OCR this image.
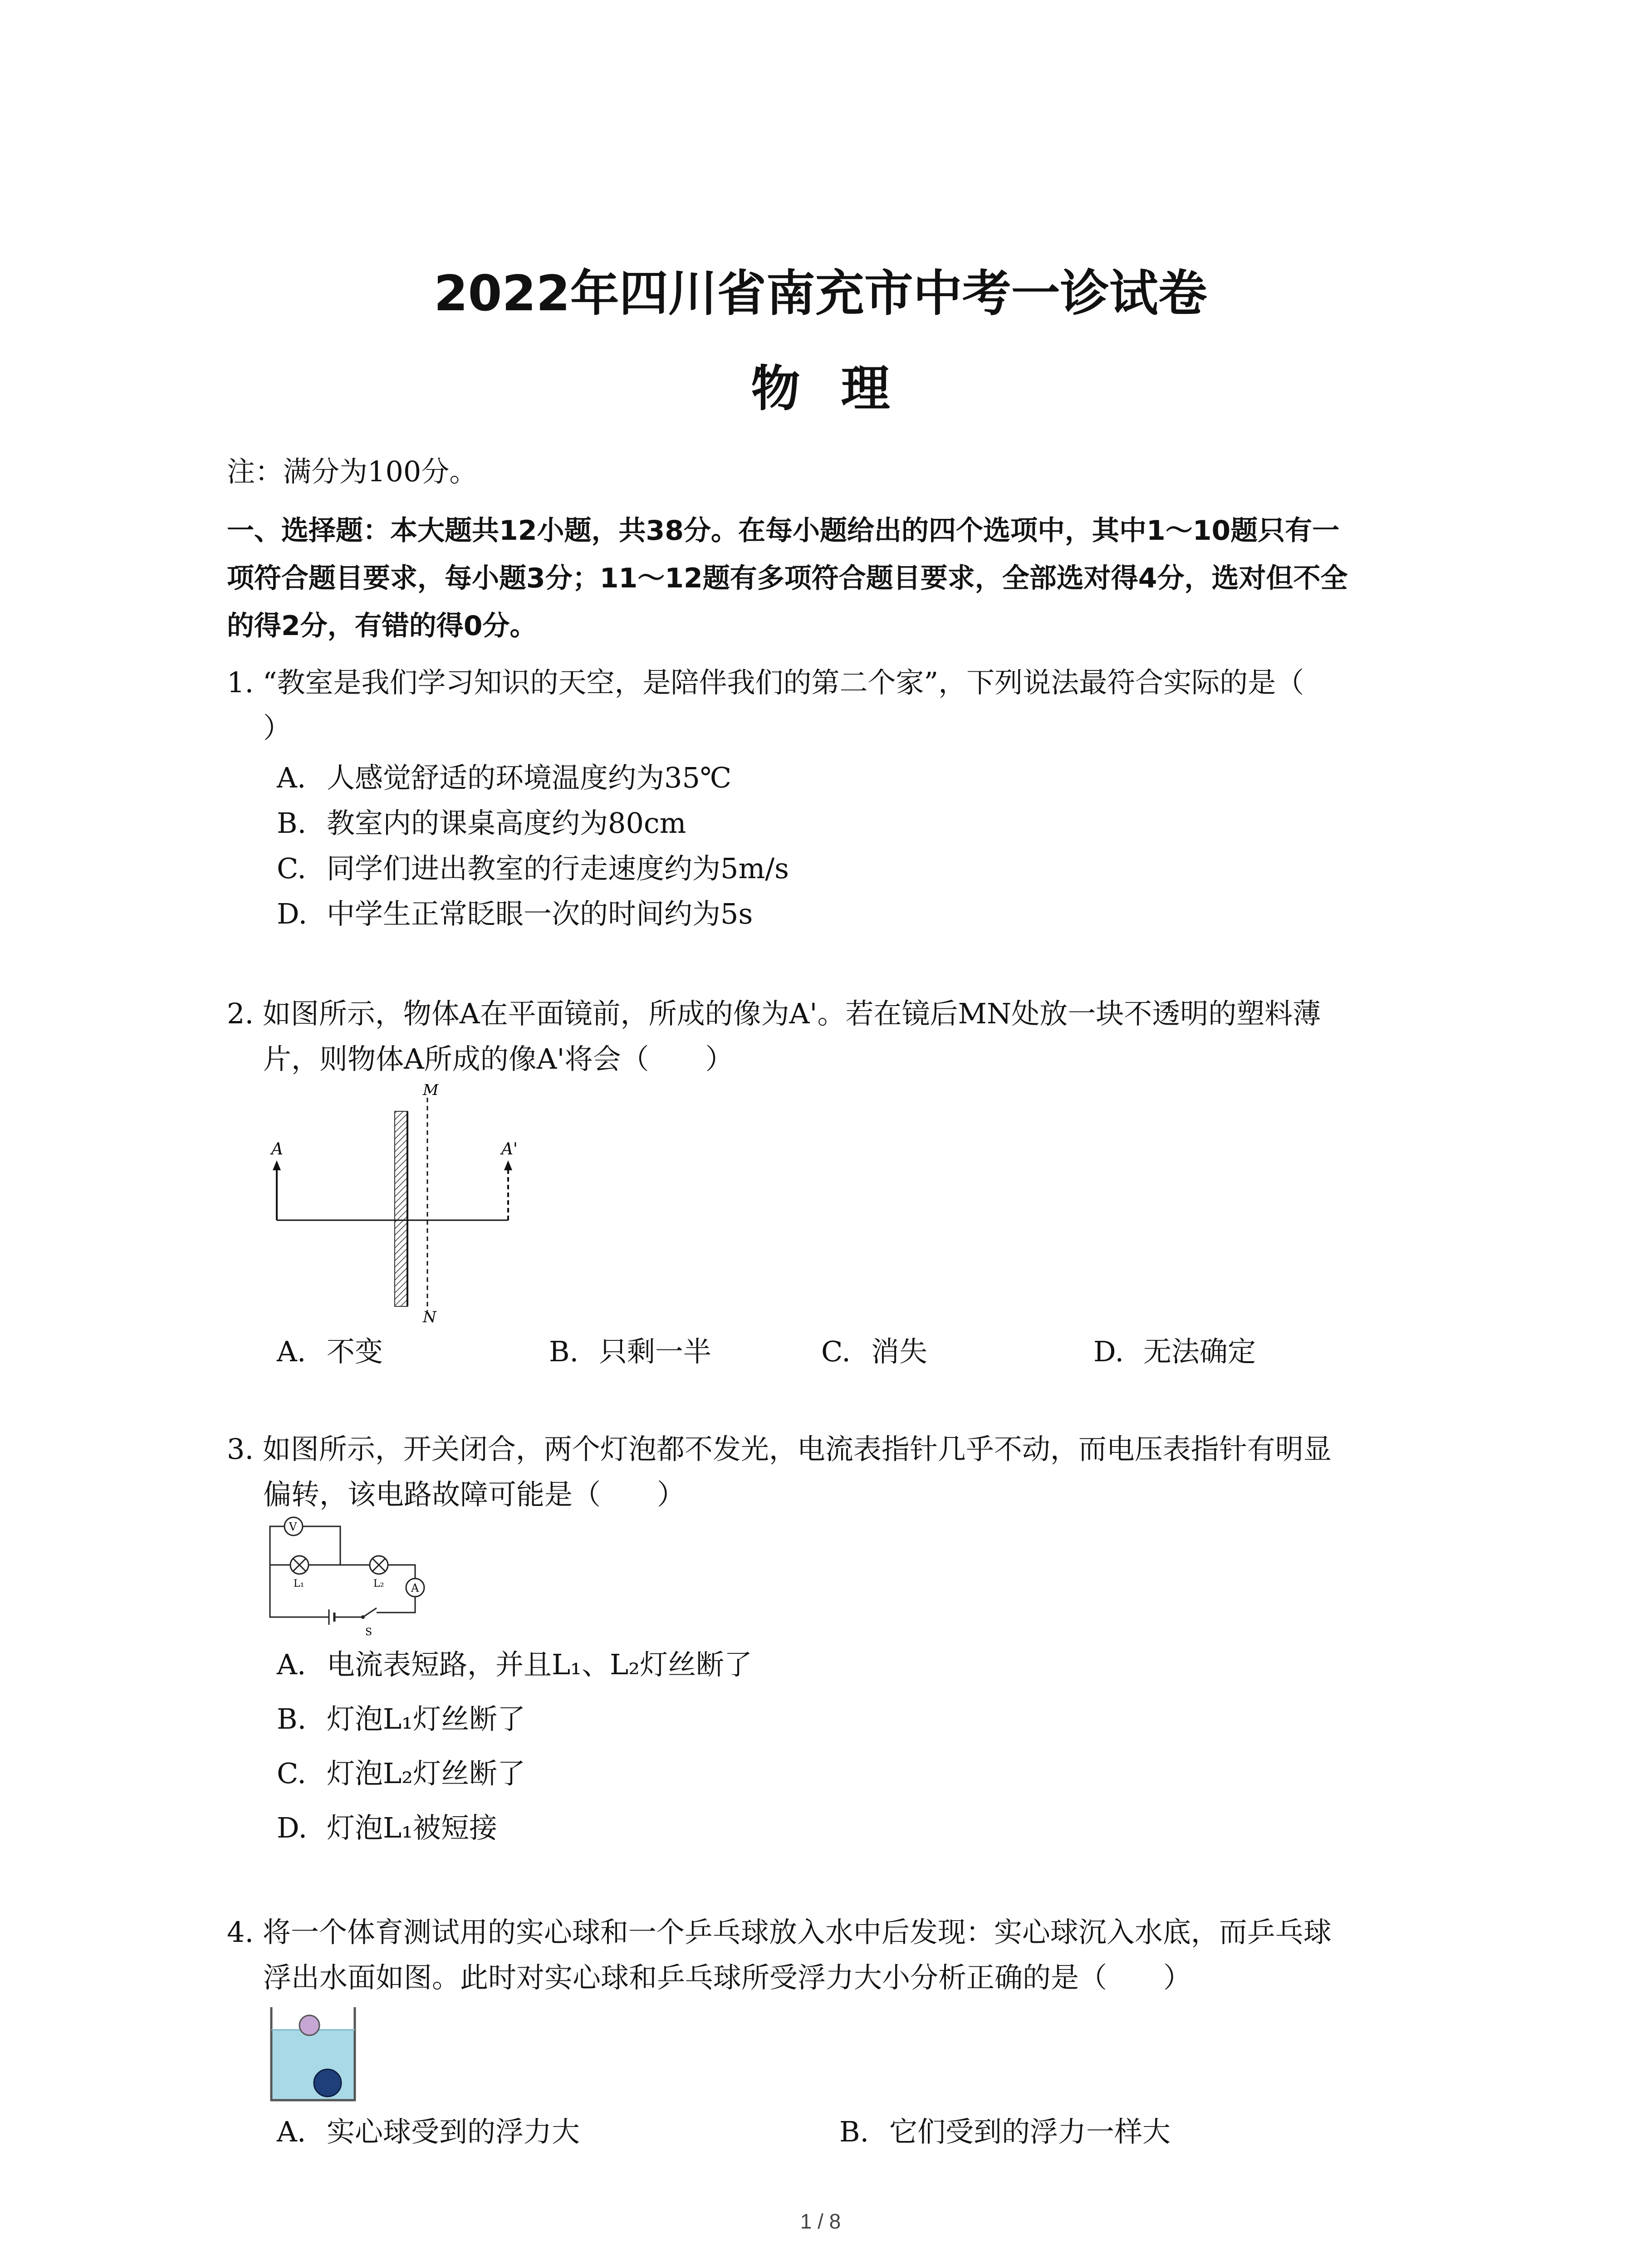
2022年四川省南充市中考一诊试卷
物理
注：满分为100分。
一、选择题：本大题共12小题，共38分。在每小题给出的四个选项中，其中1～10题只有一
项符合题目要求，每小题3分；11～12题有多项符合题目要求，全部选对得4分，选对但不全
的得2分，有错的得0分。
1. “教室是我们学习知识的天空，是陪伴我们的第二个家”，下列说法最符合实际的是（
）
A. 人感觉舒适的环境温度约为35℃
B. 教室内的课桌高度约为80cm
C. 同学们进出教室的行走速度约为5m/s
D. 中学生正常眨眼一次的时间约为5s
2. 如图所示，物体A在平面镜前，所成的像为A'。若在镜后MN处放一块不透明的塑料薄
片，则物体A所成的像A'将会（　　）
M
N
A	A'
A. 不变	B. 只剩一半	C. 消失	D. 无法确定
3. 如图所示，开关闭合，两个灯泡都不发光，电流表指针几乎不动，而电压表指针有明显
偏转，该电路故障可能是（　　）
V
L₁	L₂ A
S
A. 电流表短路，并且L₁、L₂灯丝断了
B. 灯泡L₁灯丝断了
C. 灯泡L₂灯丝断了
D. 灯泡L₁被短接
4. 将一个体育测试用的实心球和一个乒乓球放入水中后发现：实心球沉入水底，而乒乓球
浮出水面如图。此时对实心球和乒乓球所受浮力大小分析正确的是（　　）
A. 实心球受到的浮力大	B. 它们受到的浮力一样大
1 / 8
